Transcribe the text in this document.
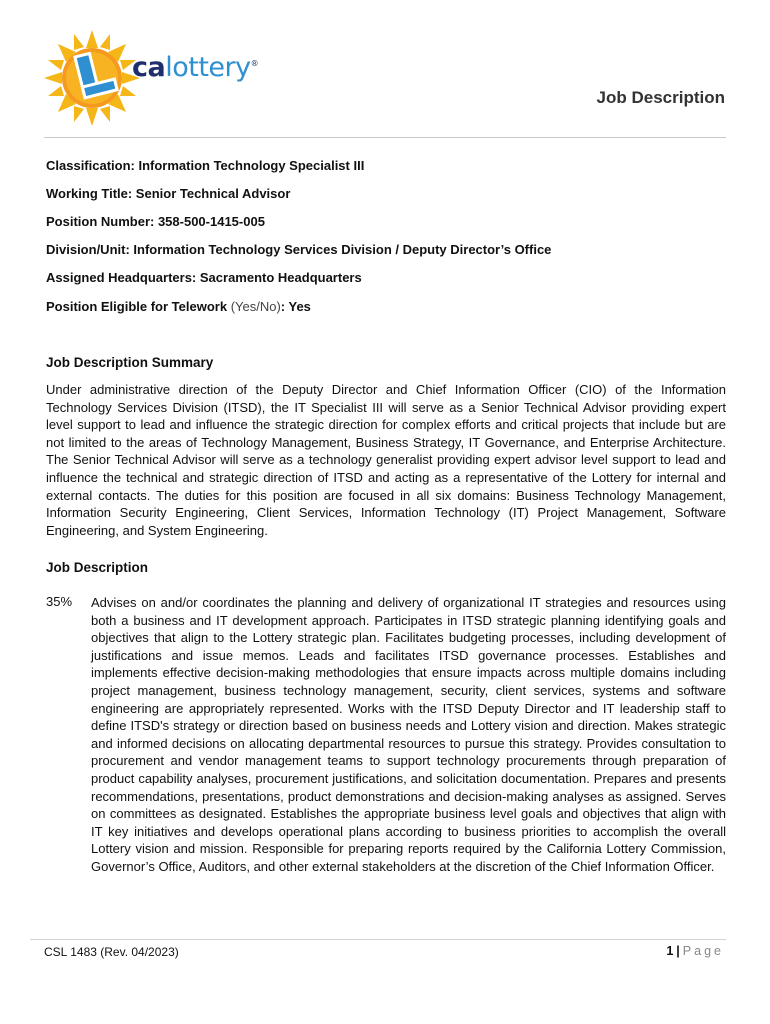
calottery®
Job Description
Classification: Information Technology Specialist III
Working Title: Senior Technical Advisor
Position Number: 358-500-1415-005
Division/Unit: Information Technology Services Division / Deputy Director’s Office
Assigned Headquarters: Sacramento Headquarters
Position Eligible for Telework (Yes/No): Yes
Job Description Summary
Under administrative direction of the Deputy Director and Chief Information Officer (CIO) of the Information Technology Services Division (ITSD), the IT Specialist III will serve as a Senior Technical Advisor providing expert level support to lead and influence the strategic direction for complex efforts and critical projects that include but are not limited to the areas of Technology Management, Business Strategy, IT Governance, and Enterprise Architecture. The Senior Technical Advisor will serve as a technology generalist providing expert advisor level support to lead and influence the technical and strategic direction of ITSD and acting as a representative of the Lottery for internal and external contacts. The duties for this position are focused in all six domains: Business Technology Management, Information Security Engineering, Client Services, Information Technology (IT) Project Management, Software Engineering, and System Engineering.
Job Description
35% Advises on and/or coordinates the planning and delivery of organizational IT strategies and resources using both a business and IT development approach. Participates in ITSD strategic planning identifying goals and objectives that align to the Lottery strategic plan. Facilitates budgeting processes, including development of justifications and issue memos. Leads and facilitates ITSD governance processes. Establishes and implements effective decision-making methodologies that ensure impacts across multiple domains including project management, business technology management, security, client services, systems and software engineering are appropriately represented. Works with the ITSD Deputy Director and IT leadership staff to define ITSD's strategy or direction based on business needs and Lottery vision and direction. Makes strategic and informed decisions on allocating departmental resources to pursue this strategy. Provides consultation to procurement and vendor management teams to support technology procurements through preparation of product capability analyses, procurement justifications, and solicitation documentation. Prepares and presents recommendations, presentations, product demonstrations and decision-making analyses as assigned. Serves on committees as designated. Establishes the appropriate business level goals and objectives that align with IT key initiatives and develops operational plans according to business priorities to accomplish the overall Lottery vision and mission. Responsible for preparing reports required by the California Lottery Commission, Governor’s Office, Auditors, and other external stakeholders at the discretion of the Chief Information Officer.
CSL 1483 (Rev. 04/2023)	1 | Page
